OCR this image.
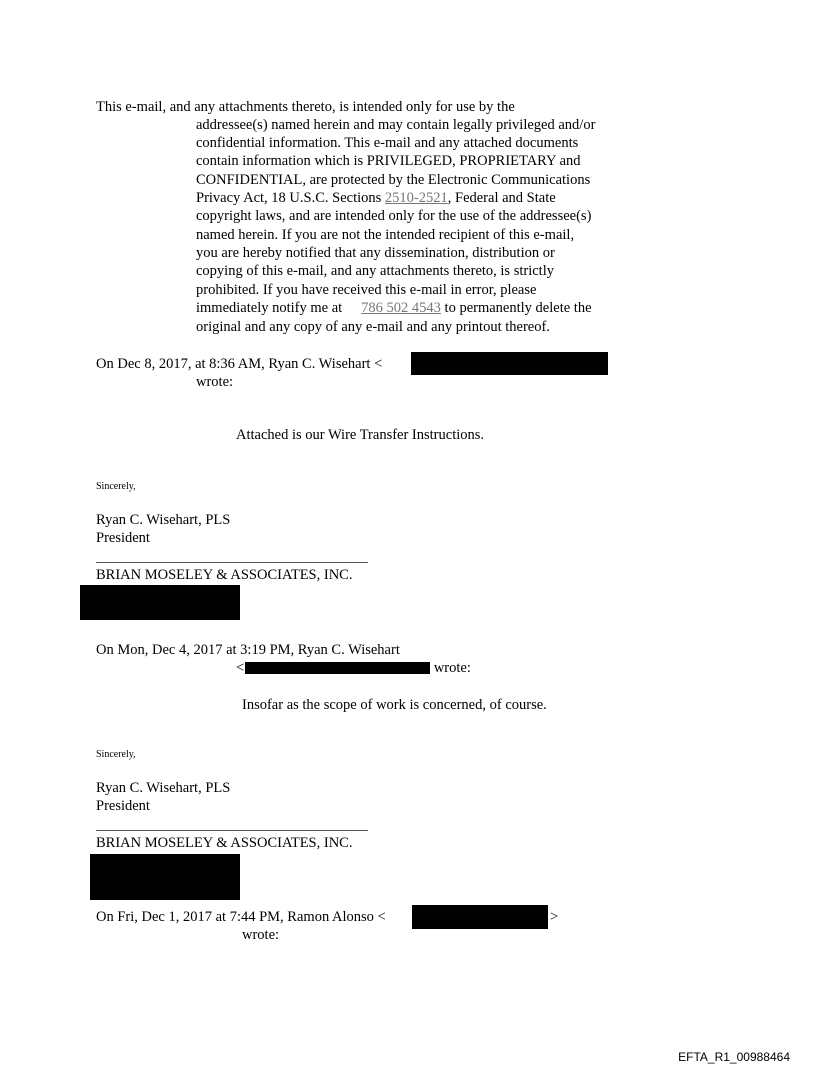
This e-mail, and any attachments thereto, is intended only for use by the
addressee(s) named herein and may contain legally privileged and/or
confidential information. This e-mail and any attached documents
contain information which is PRIVILEGED, PROPRIETARY and
CONFIDENTIAL, are protected by the Electronic Communications
Privacy Act, 18 U.S.C. Sections 2510-2521, Federal and State
copyright laws, and are intended only for the use of the addressee(s)
named herein. If you are not the intended recipient of this e-mail,
you are hereby notified that any dissemination, distribution or
copying of this e-mail, and any attachments thereto, is strictly
prohibited. If you have received this e-mail in error, please
immediately notify me at 786 502 4543 to permanently delete the
original and any copy of any e-mail and any printout thereof.
On Dec 8, 2017, at 8:36 AM, Ryan C. Wisehart <
wrote:
Attached is our Wire Transfer Instructions.
Sincerely,
Ryan C. Wisehart, PLS
President
BRIAN MOSELEY & ASSOCIATES, INC.
On Mon, Dec 4, 2017 at 3:19 PM, Ryan C. Wisehart
<	wrote:
Insofar as the scope of work is concerned, of course.
Sincerely,
Ryan C. Wisehart, PLS
President
BRIAN MOSELEY & ASSOCIATES, INC.
On Fri, Dec 1, 2017 at 7:44 PM, Ramon Alonso <	>
wrote:
EFTA_R1_00988464
